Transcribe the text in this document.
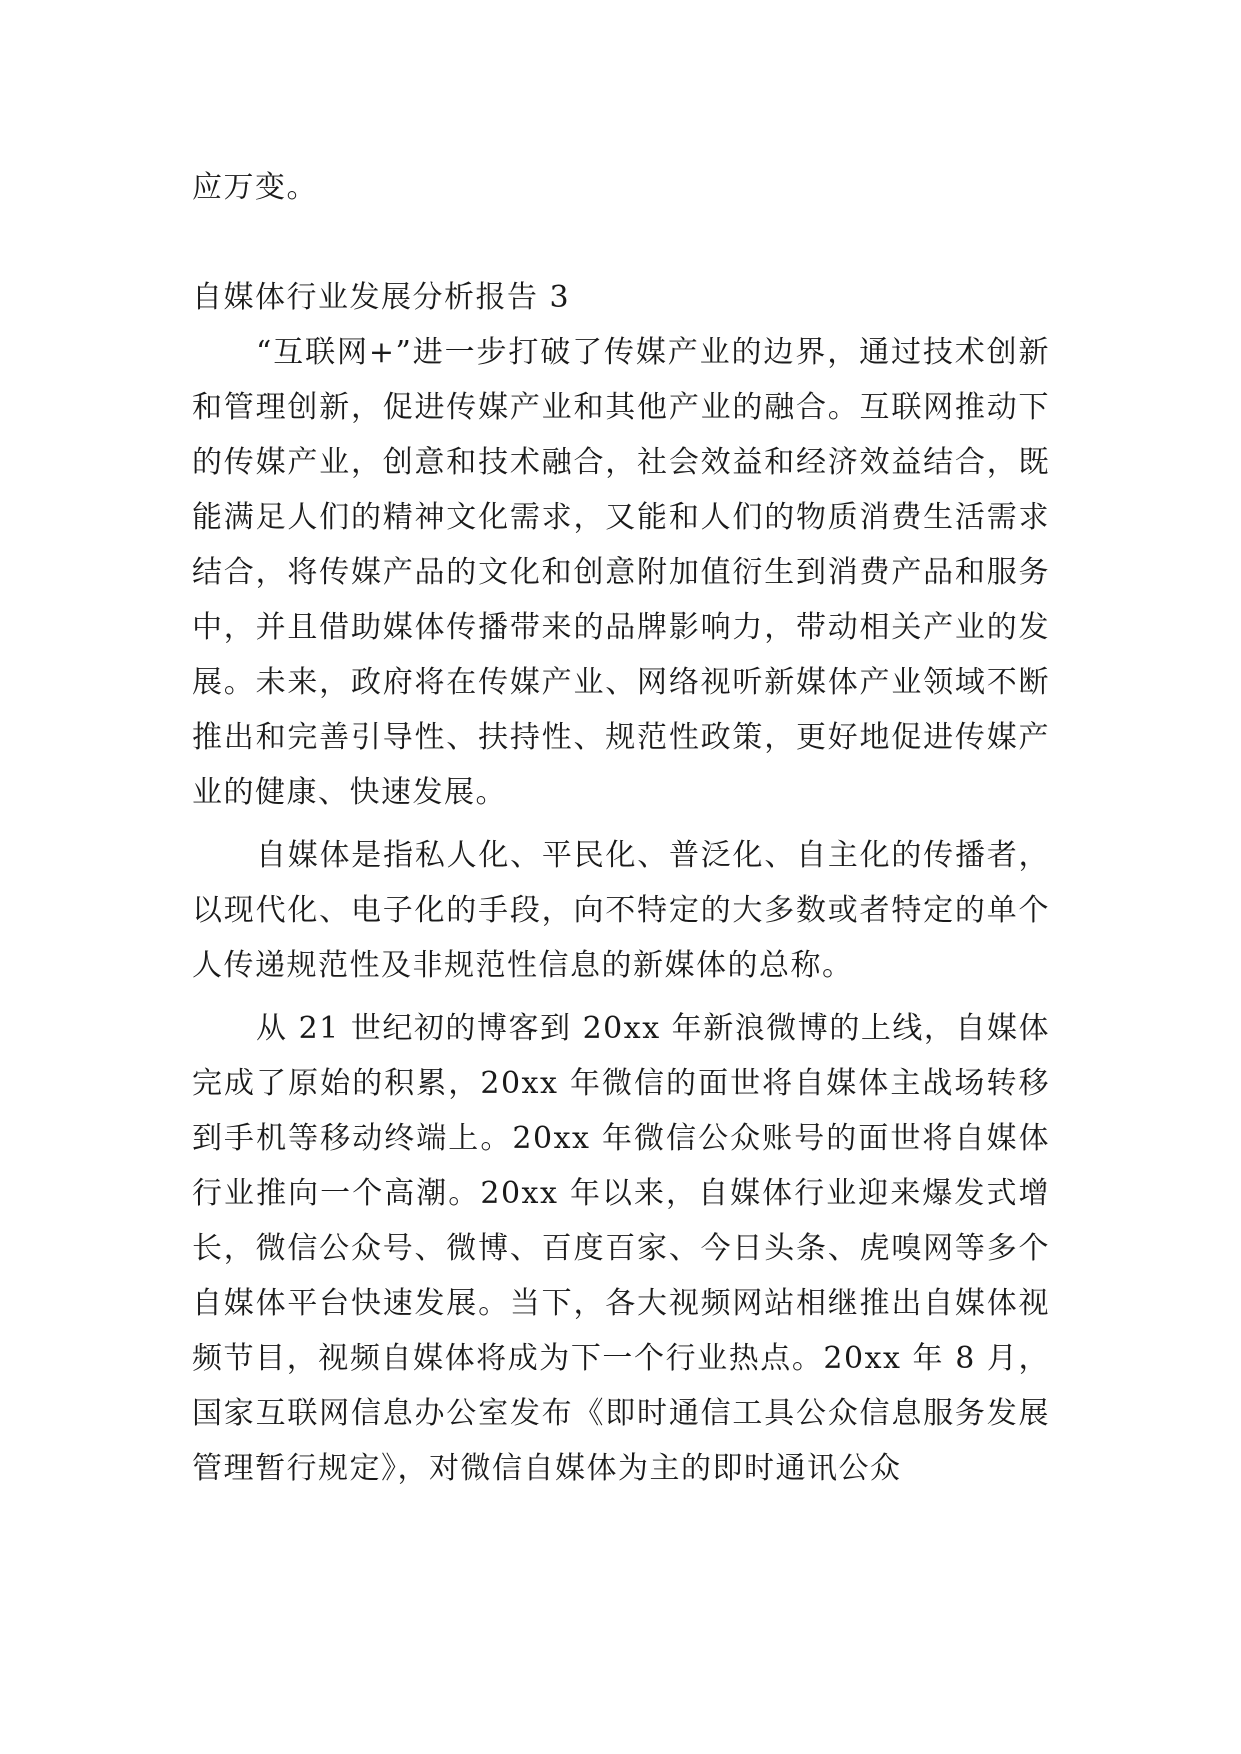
应万变。

自媒体行业发展分析报告 3

“互联网+”进一步打破了传媒产业的边界，通过技术创新和管理创新，促进传媒产业和其他产业的融合。互联网推动下的传媒产业，创意和技术融合，社会效益和经济效益结合，既能满足人们的精神文化需求，又能和人们的物质消费生活需求结合，将传媒产品的文化和创意附加值衍生到消费产品和服务中，并且借助媒体传播带来的品牌影响力，带动相关产业的发展。未来，政府将在传媒产业、网络视听新媒体产业领域不断推出和完善引导性、扶持性、规范性政策，更好地促进传媒产业的健康、快速发展。

自媒体是指私人化、平民化、普泛化、自主化的传播者，以现代化、电子化的手段，向不特定的大多数或者特定的单个人传递规范性及非规范性信息的新媒体的总称。

从 21 世纪初的博客到 20xx 年新浪微博的上线，自媒体完成了原始的积累，20xx 年微信的面世将自媒体主战场转移到手机等移动终端上。20xx 年微信公众账号的面世将自媒体行业推向一个高潮。20xx 年以来，自媒体行业迎来爆发式增长，微信公众号、微博、百度百家、今日头条、虎嗅网等多个自媒体平台快速发展。当下，各大视频网站相继推出自媒体视频节目，视频自媒体将成为下一个行业热点。20xx 年 8 月，国家互联网信息办公室发布《即时通信工具公众信息服务发展管理暂行规定》，对微信自媒体为主的即时通讯公众
